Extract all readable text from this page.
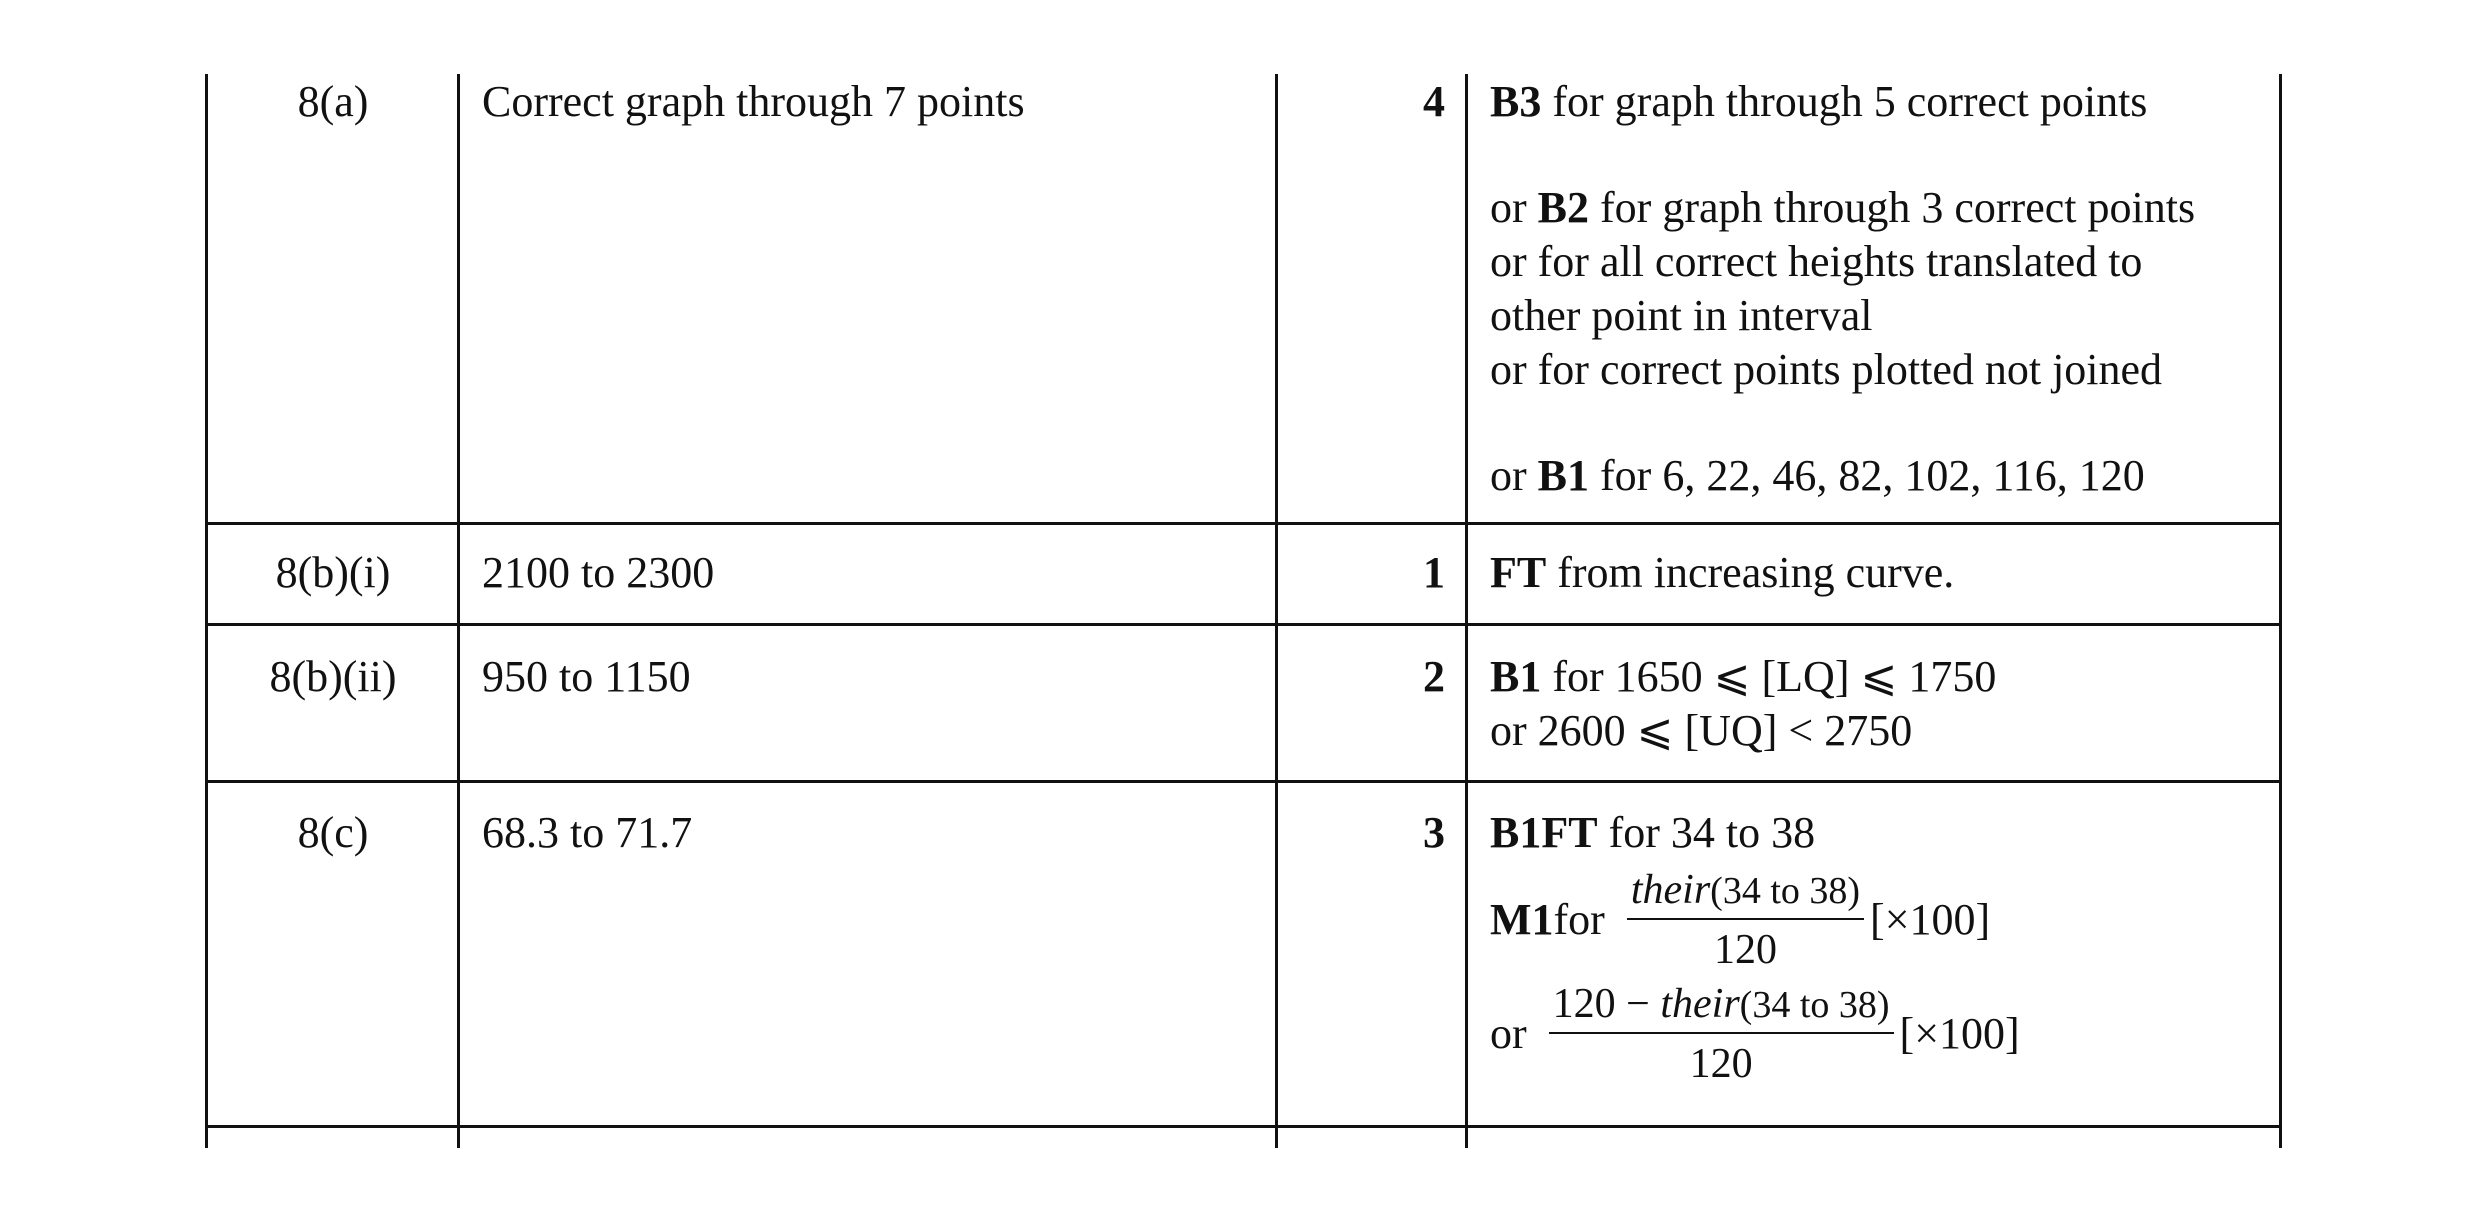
8(a)	Correct graph through 7 points	4 B3 for graph through 5 correct points
or B2 for graph through 3 correct points
or for all correct heights translated to
other point in interval
or for correct points plotted not joined
or B1 for 6, 22, 46, 82, 102, 116, 120
8(b)(i)	2100 to 2300	1 FT from increasing curve.
8(b)(ii)	950 to 1150	2 B1 for 1650 ⩽ [LQ] ⩽ 1750
or 2600 ⩽ [UQ] < 2750
8(c)	68.3 to 71.7	3 B1FT for 34 to 38
M1 for $\frac{\text{their(34 to 38)}}{120} [\times 100]$
or $\frac{\text{120 − their(34 to 38)}}{120} [\times 100]$
